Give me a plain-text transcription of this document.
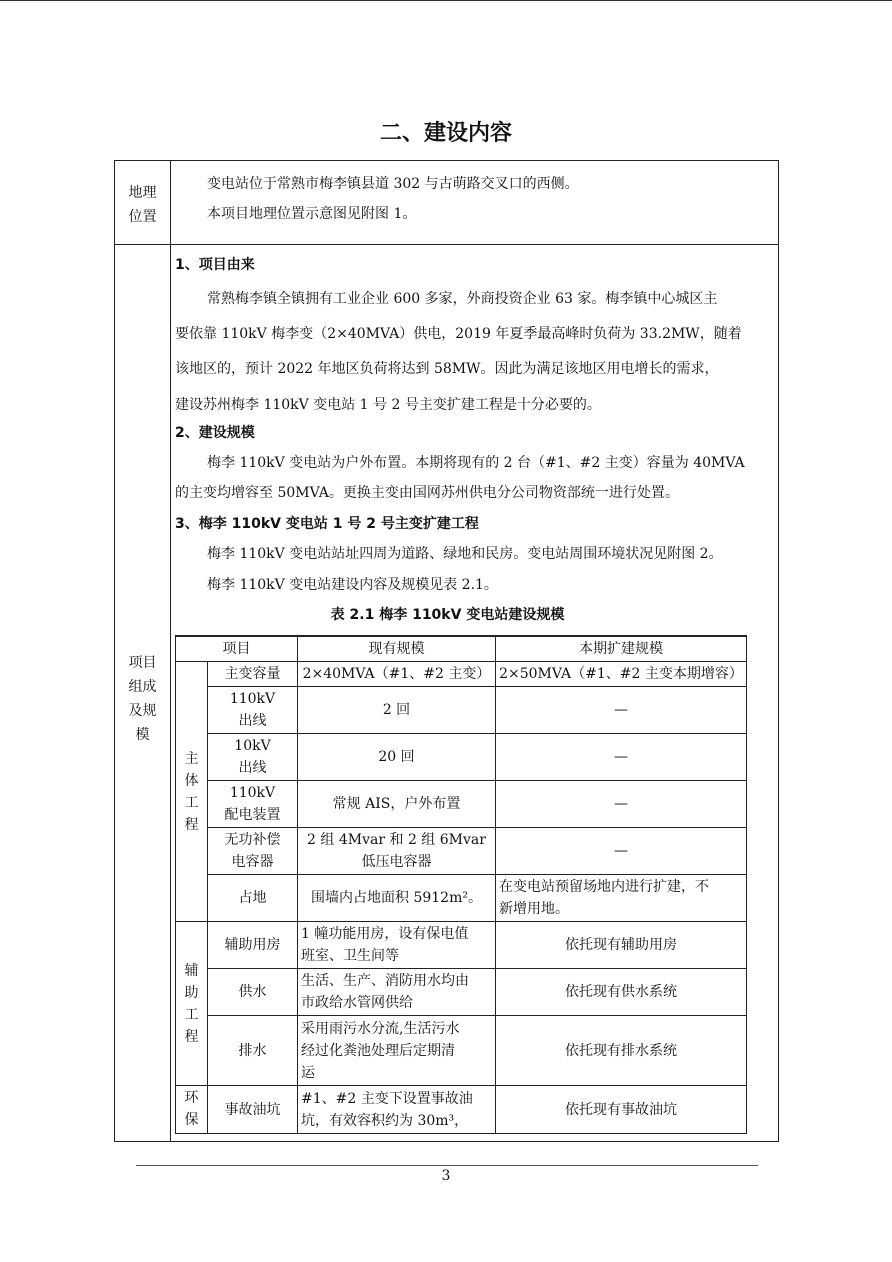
二、建设内容
地理
位置
变电站位于常熟市梅李镇县道 302 与古萌路交叉口的西侧。
本项目地理位置示意图见附图 1。
项目
组成
及规
模
1、项目由来
常熟梅李镇全镇拥有工业企业 600 多家，外商投资企业 63 家。梅李镇中心城区主
要依靠 110kV 梅李变（2×40MVA）供电，2019 年夏季最高峰时负荷为 33.2MW，随着
该地区的，预计 2022 年地区负荷将达到 58MW。因此为满足该地区用电增长的需求，
建设苏州梅李 110kV 变电站 1 号 2 号主变扩建工程是十分必要的。
2、建设规模
梅李 110kV 变电站为户外布置。本期将现有的 2 台（#1、#2 主变）容量为 40MVA
的主变均增容至 50MVA。更换主变由国网苏州供电分公司物资部统一进行处置。
3、梅李 110kV 变电站 1 号 2 号主变扩建工程
梅李 110kV 变电站站址四周为道路、绿地和民房。变电站周围环境状况见附图 2。
梅李 110kV 变电站建设内容及规模见表 2.1。
表 2.1 梅李 110kV 变电站建设规模
项目		现有规模	本期扩建规模
主
体
工
程	主变容量	2×40MVA（#1、#2 主变）	2×50MVA（#1、#2 主变本期增容）
	110kV
出线	2 回	—
	10kV
出线	20 回	—
	110kV
配电装置	常规 AIS，户外布置	—
	无功补偿
电容器	2 组 4Mvar 和 2 组 6Mvar
低压电容器	—
	占地	围墙内占地面积 5912m²。	在变电站预留场地内进行扩建，不
新增用地。
辅
助
工
程	辅助用房	1 幢功能用房，设有保电值
班室、卫生间等	依托现有辅助用房
	供水	生活、生产、消防用水均由
市政给水管网供给	依托现有供水系统
	排水	采用雨污水分流,生活污水
经过化粪池处理后定期清
运	依托现有排水系统
环
保	事故油坑	#1、#2 主变下设置事故油
坑，有效容积约为 30m³，	依托现有事故油坑
3
